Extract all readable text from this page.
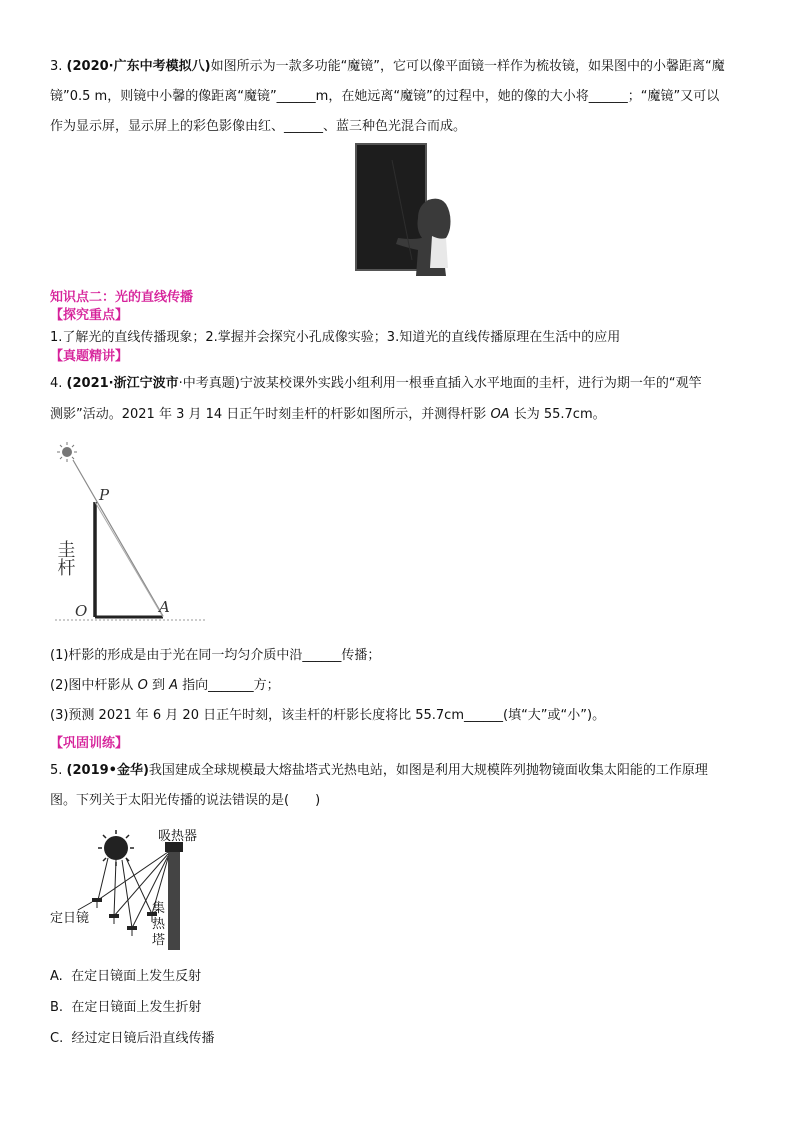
3. (2020·广东中考模拟八)如图所示为一款多功能“魔镜”，它可以像平面镜一样作为梳妆镜，如果图中的小馨距离“魔
镜”0.5 m，则镜中小馨的像距离“魔镜”______m，在她远离“魔镜”的过程中，她的像的大小将______；“魔镜”又可以
作为显示屏，显示屏上的彩色影像由红、______、蓝三种色光混合而成。
知识点二：光的直线传播
【探究重点】
1.了解光的直线传播现象；2.掌握并会探究小孔成像实验；3.知道光的直线传播原理在生活中的应用
【真题精讲】
4. (2021·浙江宁波市·中考真题)宁波某校课外实践小组利用一根垂直插入水平地面的圭杆，进行为期一年的“观竿
测影”活动。2021 年 3 月 14 日正午时刻圭杆的杆影如图所示，并测得杆影 OA 长为 55.7cm。
P
O	A
圭杆
(1)杆影的形成是由于光在同一均匀介质中沿______传播；
(2)图中杆影从 O 到 A 指向_______方；
(3)预测 2021 年 6 月 20 日正午时刻，该圭杆的杆影长度将比 55.7cm______(填“大”或“小”)。
【巩固训练】
5. (2019•金华)我国建成全球规模最大熔盐塔式光热电站，如图是利用大规模阵列抛物镜面收集太阳能的工作原理
图。下列关于太阳光传播的说法错误的是(　　)
吸热器
定日镜
集
热
塔
A. 在定日镜面上发生反射
B. 在定日镜面上发生折射
C. 经过定日镜后沿直线传播
